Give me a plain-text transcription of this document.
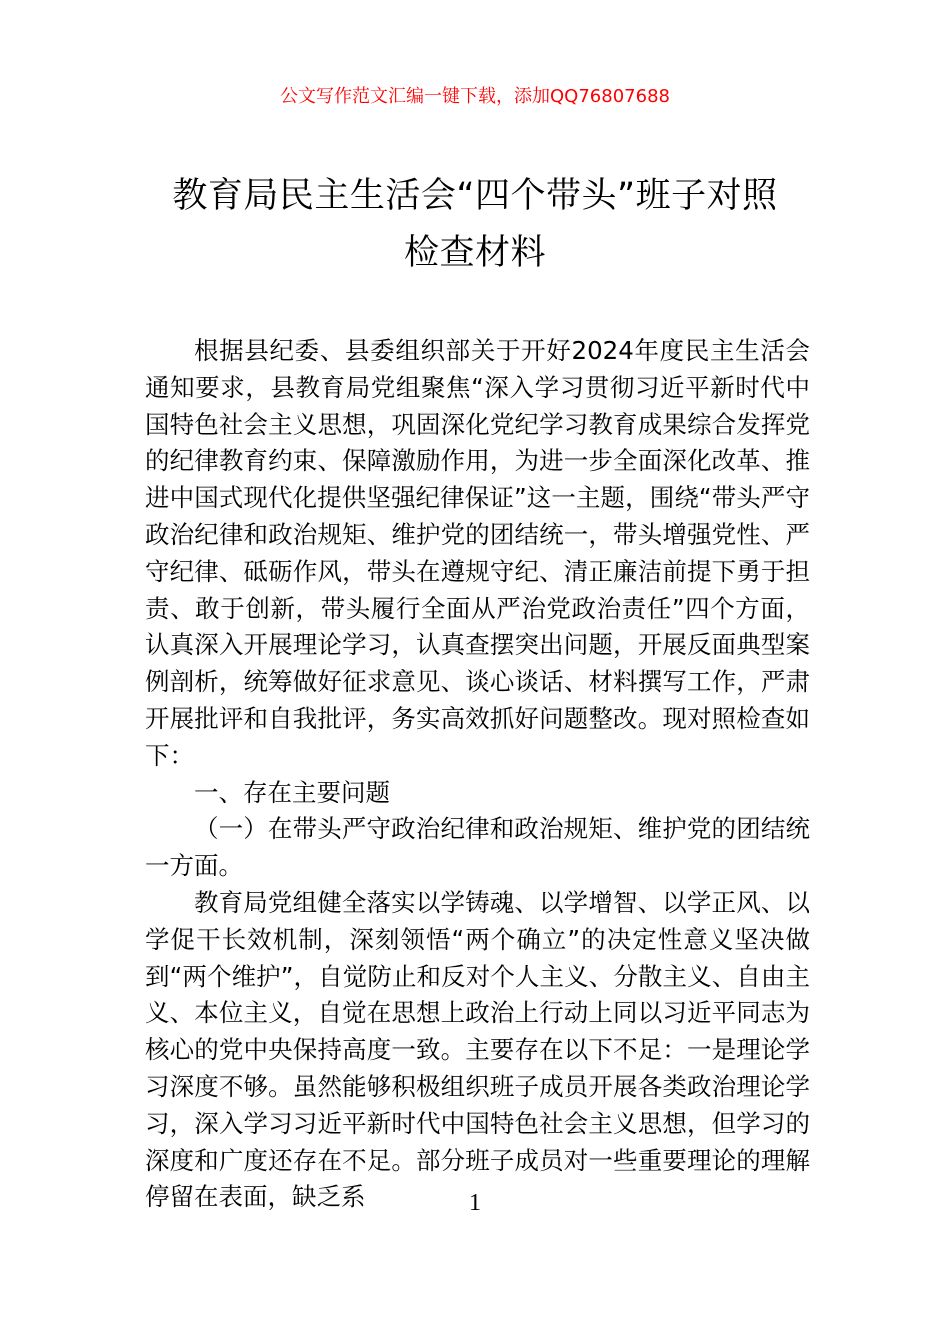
公文写作范文汇编一键下载，添加QQ76807688
教育局民主生活会“四个带头”班子对照
检查材料

根据县纪委、县委组织部关于开好2024年度民主生活会通知要求，县教育局党组聚焦“深入学习贯彻习近平新时代中国特色社会主义思想，巩固深化党纪学习教育成果综合发挥党的纪律教育约束、保障激励作用，为进一步全面深化改革、推进中国式现代化提供坚强纪律保证”这一主题，围绕“带头严守政治纪律和政治规矩、维护党的团结统一，带头增强党性、严守纪律、砥砺作风，带头在遵规守纪、清正廉洁前提下勇于担责、敢于创新，带头履行全面从严治党政治责任”四个方面，认真深入开展理论学习，认真查摆突出问题，开展反面典型案例剖析，统筹做好征求意见、谈心谈话、材料撰写工作，严肃开展批评和自我批评，务实高效抓好问题整改。现对照检查如下：

一、存在主要问题

（一）在带头严守政治纪律和政治规矩、维护党的团结统一方面。

教育局党组健全落实以学铸魂、以学增智、以学正风、以学促干长效机制，深刻领悟“两个确立”的决定性意义坚决做到“两个维护”，自觉防止和反对个人主义、分散主义、自由主义、本位主义，自觉在思想上政治上行动上同以习近平同志为核心的党中央保持高度一致。主要存在以下不足：一是理论学习深度不够。虽然能够积极组织班子成员开展各类政治理论学习，深入学习习近平新时代中国特色社会主义思想，但学习的深度和广度还存在不足。部分班子成员对一些重要理论的理解停留在表面，缺乏系	1
